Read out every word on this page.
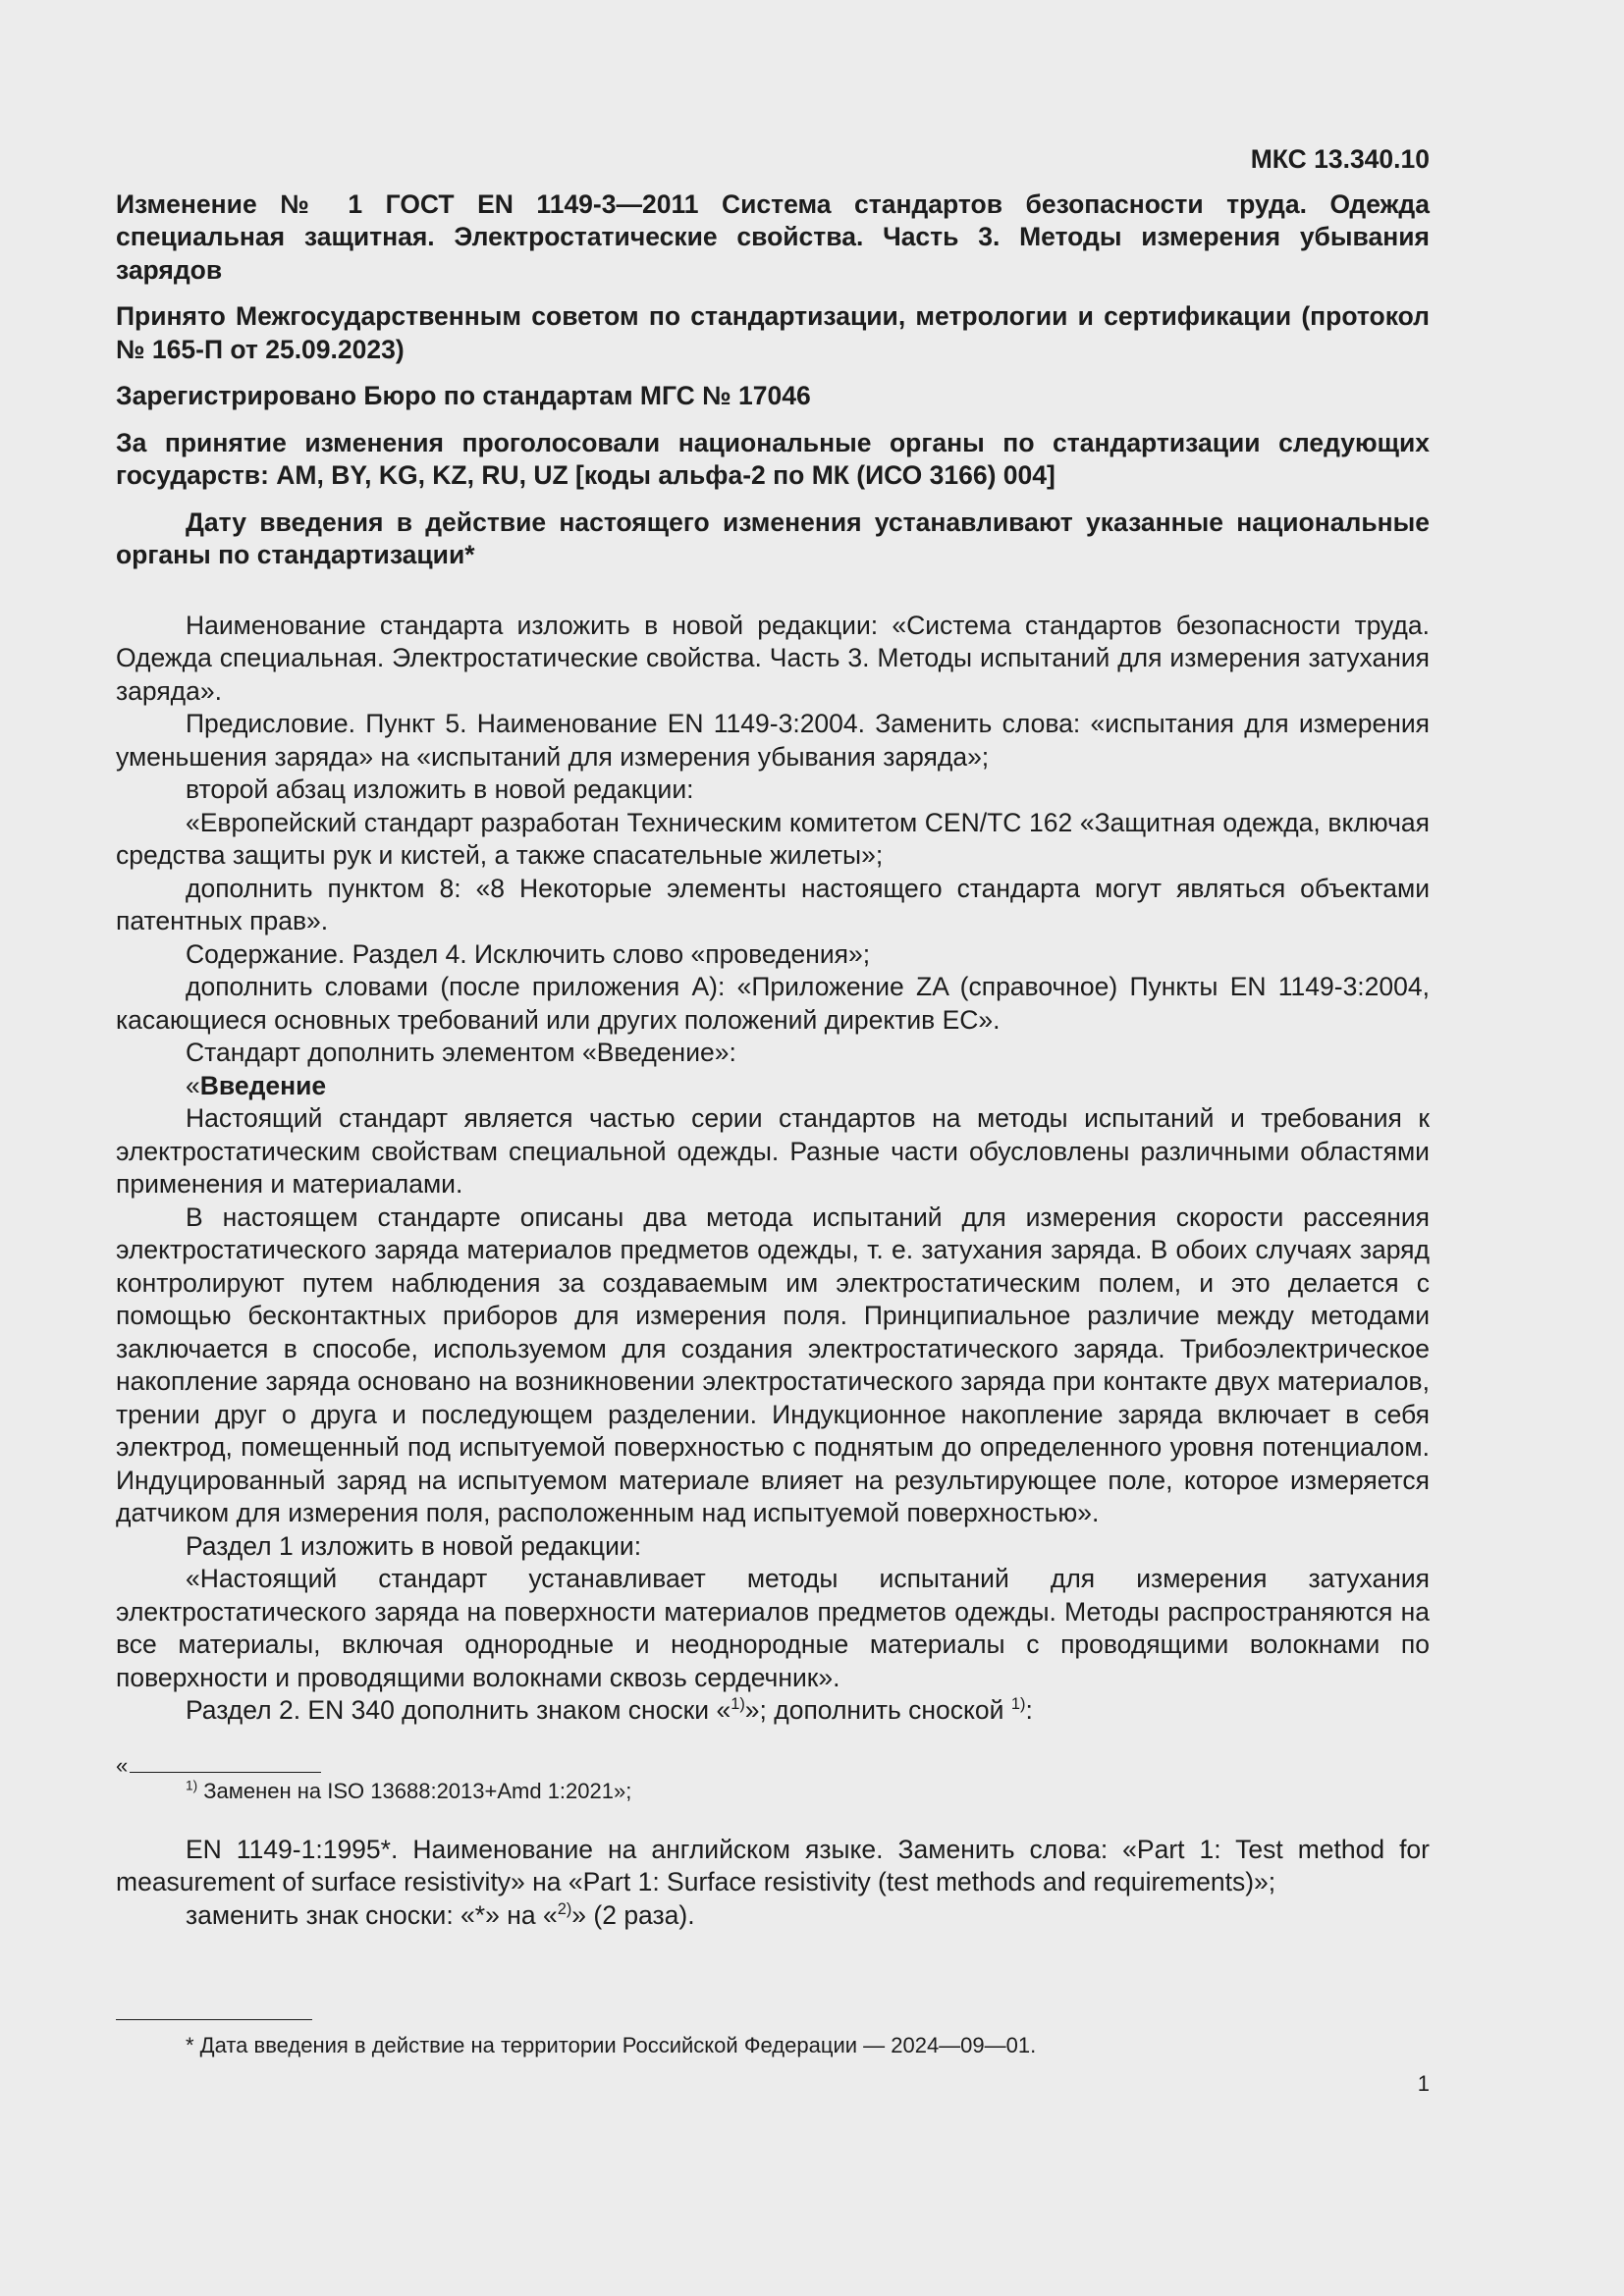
МКС 13.340.10
Изменение № 1 ГОСТ EN 1149-3—2011 Система стандартов безопасности труда. Одежда специальная защитная. Электростатические свойства. Часть 3. Методы измерения убывания зарядов
Принято Межгосударственным советом по стандартизации, метрологии и сертификации (протокол № 165-П от 25.09.2023)
Зарегистрировано Бюро по стандартам МГС № 17046
За принятие изменения проголосовали национальные органы по стандартизации следующих государств: AM, BY, KG, KZ, RU, UZ [коды альфа-2 по МК (ИСО 3166) 004]
Дату введения в действие настоящего изменения устанавливают указанные национальные органы по стандартизации*

Наименование стандарта изложить в новой редакции: «Система стандартов безопасности труда. Одежда специальная. Электростатические свойства. Часть 3. Методы испытаний для измерения затухания заряда».

Предисловие. Пункт 5. Наименование EN 1149-3:2004. Заменить слова: «испытания для измерения уменьшения заряда» на «испытаний для измерения убывания заряда»;

второй абзац изложить в новой редакции:

«Европейский стандарт разработан Техническим комитетом CEN/TC 162 «Защитная одежда, включая средства защиты рук и кистей, а также спасательные жилеты»;

дополнить пунктом 8: «8 Некоторые элементы настоящего стандарта могут являться объектами патентных прав».

Содержание. Раздел 4. Исключить слово «проведения»;

дополнить словами (после приложения А): «Приложение ZA (справочное) Пункты EN 1149-3:2004, касающиеся основных требований или других положений директив ЕС».

Стандарт дополнить элементом «Введение»:

«Введение

Настоящий стандарт является частью серии стандартов на методы испытаний и требования к электростатическим свойствам специальной одежды. Разные части обусловлены различными областями применения и материалами.

В настоящем стандарте описаны два метода испытаний для измерения скорости рассеяния электростатического заряда материалов предметов одежды, т. е. затухания заряда. В обоих случаях заряд контролируют путем наблюдения за создаваемым им электростатическим полем, и это делается с помощью бесконтактных приборов для измерения поля. Принципиальное различие между методами заключается в способе, используемом для создания электростатического заряда. Трибоэлектрическое накопление заряда основано на возникновении электростатического заряда при контакте двух материалов, трении друг о друга и последующем разделении. Индукционное накопление заряда включает в себя электрод, помещенный под испытуемой поверхностью с поднятым до определенного уровня потенциалом. Индуцированный заряд на испытуемом материале влияет на результирующее поле, которое измеряется датчиком для измерения поля, расположенным над испытуемой поверхностью».

Раздел 1 изложить в новой редакции:

«Настоящий стандарт устанавливает методы испытаний для измерения затухания электростатического заряда на поверхности материалов предметов одежды. Методы распространяются на все материалы, включая однородные и неоднородные материалы с проводящими волокнами по поверхности и проводящими волокнами сквозь сердечник».

Раздел 2. EN 340 дополнить знаком сноски «$^{1)}$»; дополнить сноской $^{1)}$:

«

$^{1)}$ Заменен на ISO 13688:2013+Amd 1:2021»;

EN 1149-1:1995*. Наименование на английском языке. Заменить слова: «Part 1: Test method for measurement of surface resistivity» на «Part 1: Surface resistivity (test methods and requirements)»;

заменить знак сноски: «*» на «$^{2)}$» (2 раза).

* Дата введения в действие на территории Российской Федерации — 2024—09—01.
1
